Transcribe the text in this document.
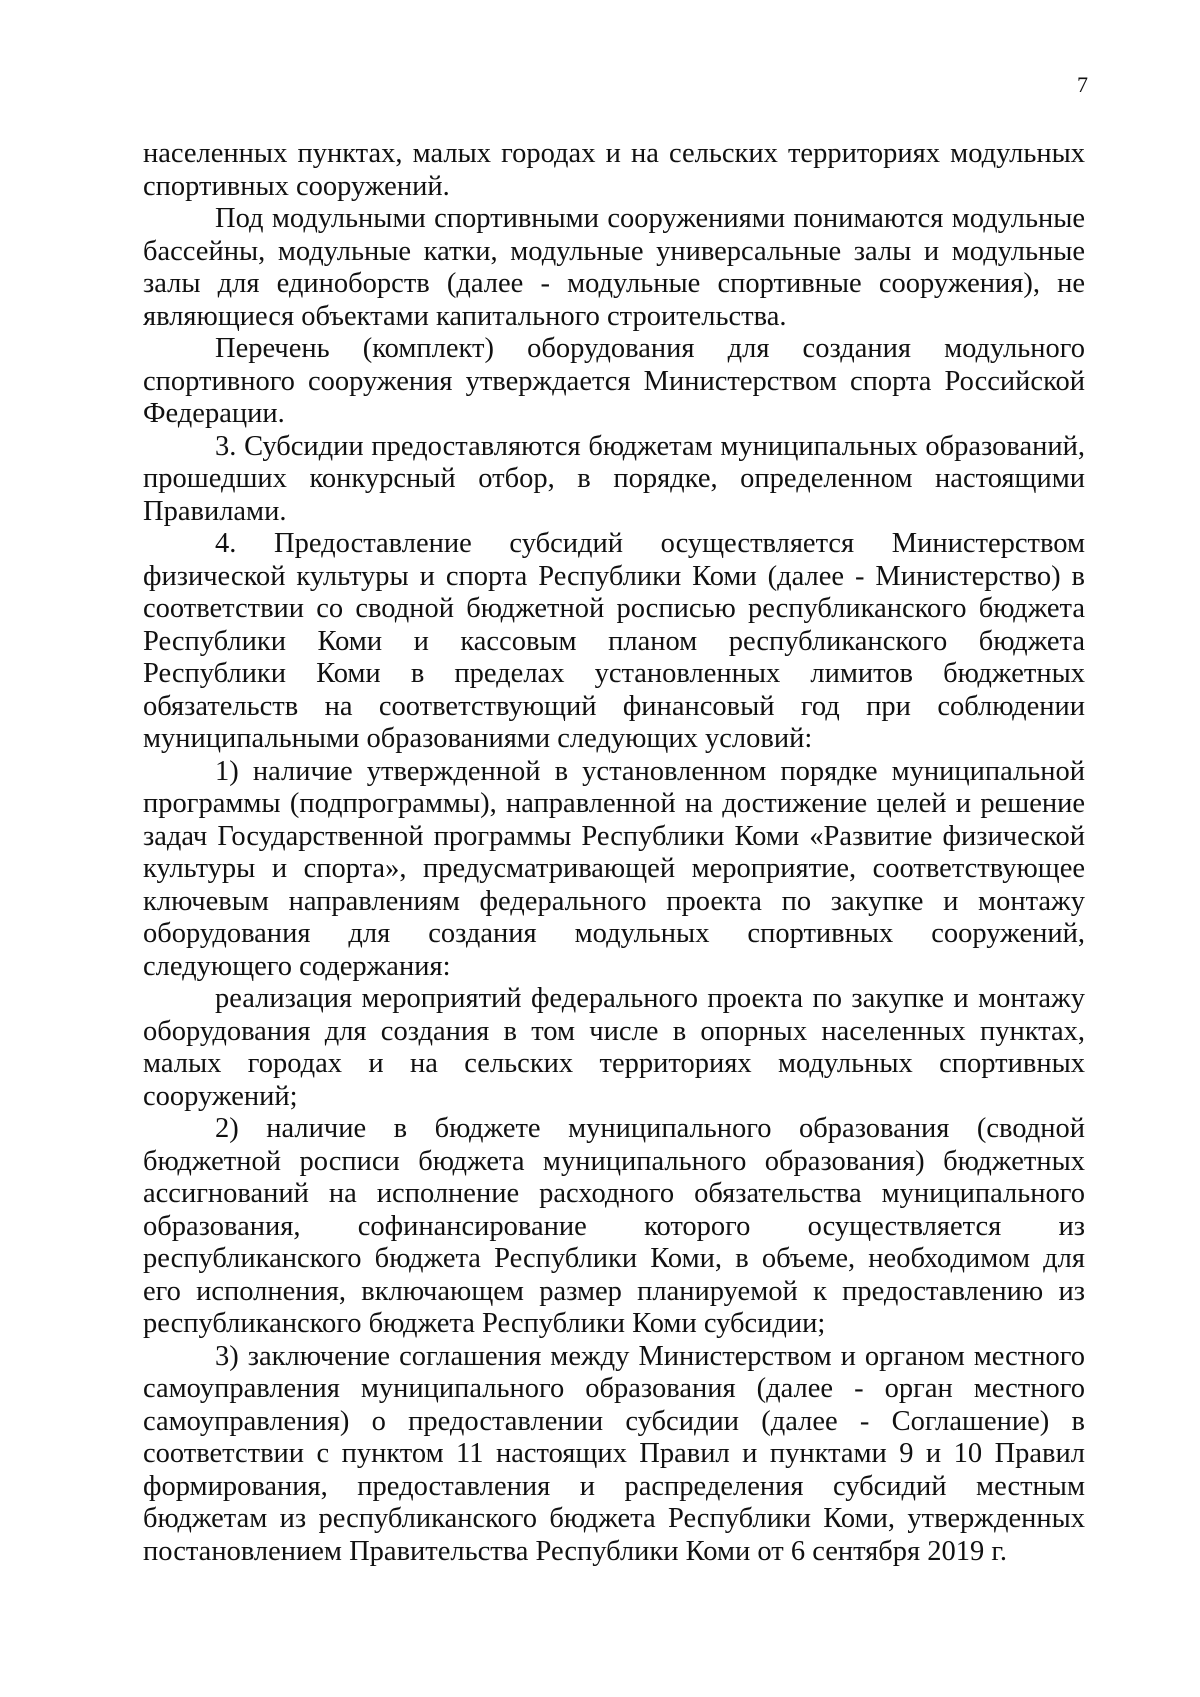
7

населенных пунктах, малых городах и на сельских территориях модульных спортивных сооружений.

Под модульными спортивными сооружениями понимаются модульные бассейны, модульные катки, модульные универсальные залы и модульные залы для единоборств (далее - модульные спортивные сооружения), не являющиеся объектами капитального строительства.

Перечень (комплект) оборудования для создания модульного спортивного сооружения утверждается Министерством спорта Российской Федерации.

3. Субсидии предоставляются бюджетам муниципальных образований, прошедших конкурсный отбор, в порядке, определенном настоящими Правилами.

4. Предоставление субсидий осуществляется Министерством физической культуры и спорта Республики Коми (далее - Министерство) в соответствии со сводной бюджетной росписью республиканского бюджета Республики Коми и кассовым планом республиканского бюджета Республики Коми в пределах установленных лимитов бюджетных обязательств на соответствующий финансовый год при соблюдении муниципальными образованиями следующих условий:

1) наличие утвержденной в установленном порядке муниципальной программы (подпрограммы), направленной на достижение целей и решение задач Государственной программы Республики Коми «Развитие физической культуры и спорта», предусматривающей мероприятие, соответствующее ключевым направлениям федерального проекта по закупке и монтажу оборудования для создания модульных спортивных сооружений, следующего содержания:

реализация мероприятий федерального проекта по закупке и монтажу оборудования для создания в том числе в опорных населенных пунктах, малых городах и на сельских территориях модульных спортивных сооружений;

2) наличие в бюджете муниципального образования (сводной бюджетной росписи бюджета муниципального образования) бюджетных ассигнований на исполнение расходного обязательства муниципального образования, софинансирование которого осуществляется из республиканского бюджета Республики Коми, в объеме, необходимом для его исполнения, включающем размер планируемой к предоставлению из республиканского бюджета Республики Коми субсидии;

3) заключение соглашения между Министерством и органом местного самоуправления муниципального образования (далее - орган местного самоуправления) о предоставлении субсидии (далее - Соглашение) в соответствии с пунктом 11 настоящих Правил и пунктами 9 и 10 Правил формирования, предоставления и распределения субсидий местным бюджетам из республиканского бюджета Республики Коми, утвержденных постановлением Правительства Республики Коми от 6 сентября 2019 г.
